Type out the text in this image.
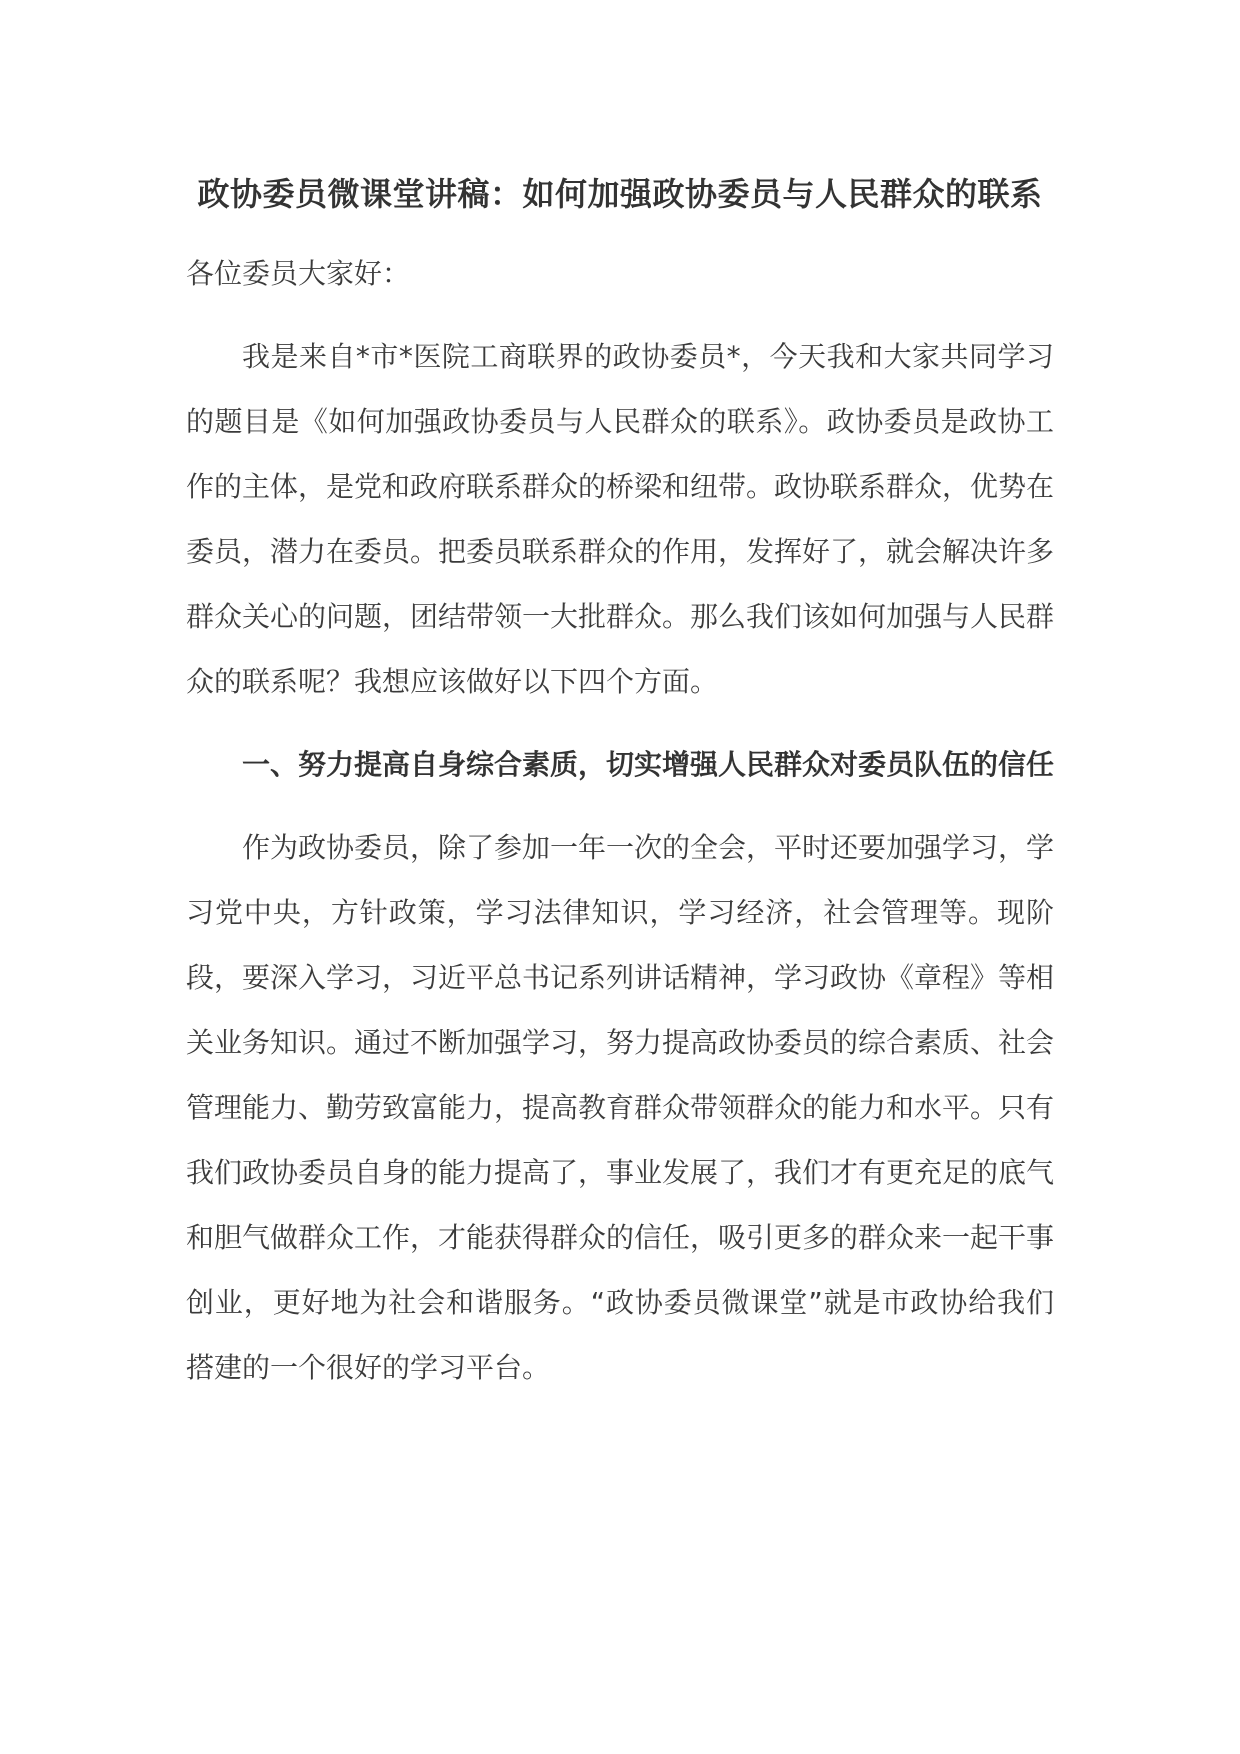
政协委员微课堂讲稿：如何加强政协委员与人民群众的联系

各位委员大家好：

我是来自*市*医院工商联界的政协委员*，今天我和大家共同学习的题目是《如何加强政协委员与人民群众的联系》。政协委员是政协工作的主体，是党和政府联系群众的桥梁和纽带。政协联系群众，优势在委员，潜力在委员。把委员联系群众的作用，发挥好了，就会解决许多群众关心的问题，团结带领一大批群众。那么我们该如何加强与人民群众的联系呢？我想应该做好以下四个方面。

一、努力提高自身综合素质，切实增强人民群众对委员队伍的信任

作为政协委员，除了参加一年一次的全会，平时还要加强学习，学习党中央，方针政策，学习法律知识，学习经济，社会管理等。现阶段，要深入学习，习近平总书记系列讲话精神，学习政协《章程》等相关业务知识。通过不断加强学习，努力提高政协委员的综合素质、社会管理能力、勤劳致富能力，提高教育群众带领群众的能力和水平。只有我们政协委员自身的能力提高了，事业发展了，我们才有更充足的底气和胆气做群众工作，才能获得群众的信任，吸引更多的群众来一起干事创业，更好地为社会和谐服务。“政协委员微课堂”就是市政协给我们搭建的一个很好的学习平台。
